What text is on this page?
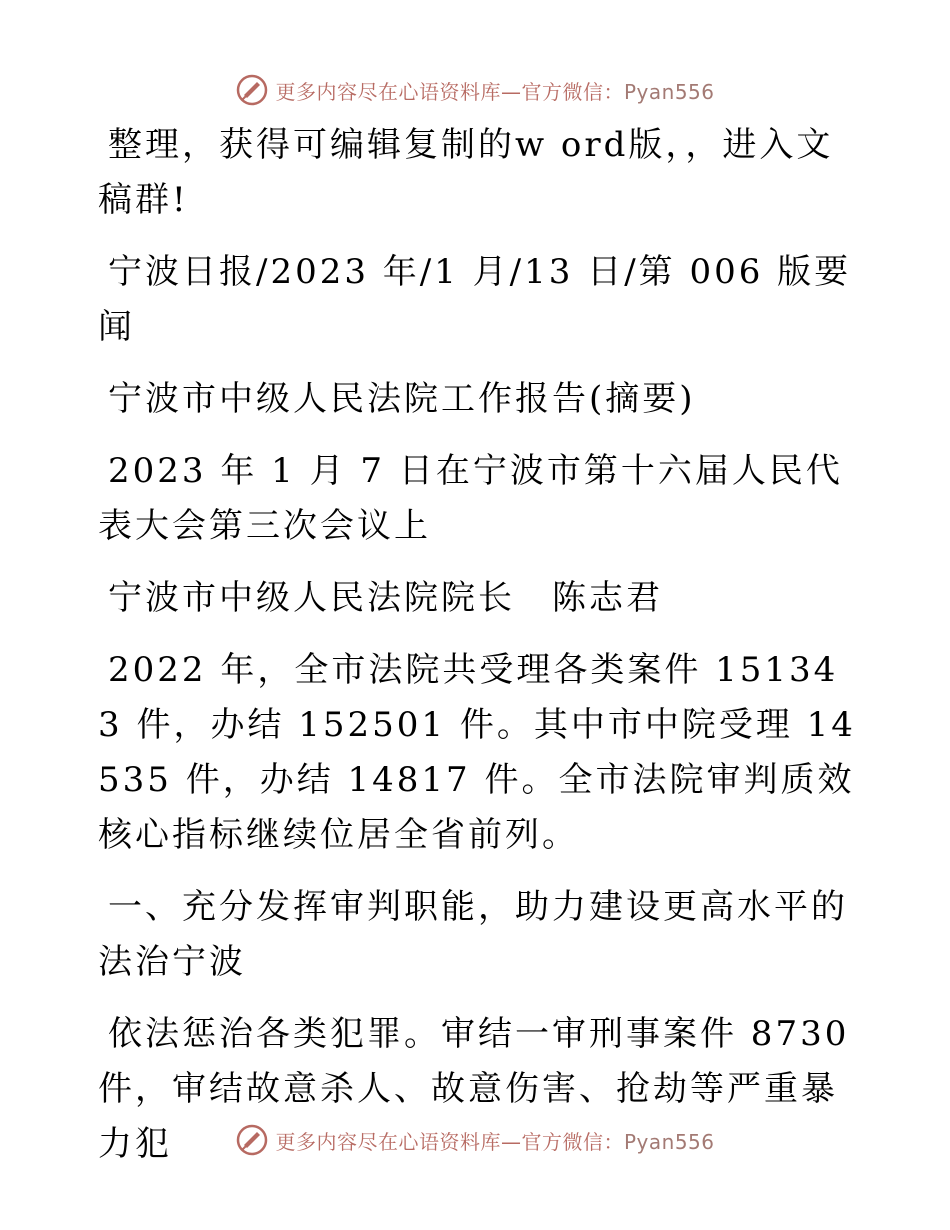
更多内容尽在心语资料库—官方微信：Pyan556

整理，获得可编辑复制的w ord版，，进入文稿群!

宁波日报/2023 年/1 月/13 日/第 006 版要闻

宁波市中级人民法院工作报告(摘要)

2023 年 1 月 7 日在宁波市第十六届人民代表大会第三次会议上

宁波市中级人民法院院长　陈志君

2022 年，全市法院共受理各类案件 151343 件，办结 152501 件。其中市中院受理 14535 件，办结 14817 件。全市法院审判质效核心指标继续位居全省前列。

一、充分发挥审判职能，助力建设更高水平的法治宁波

依法惩治各类犯罪。审结一审刑事案件 8730 件，审结故意杀人、故意伤害、抢劫等严重暴力犯	更多内容尽在心语资料库—官方微信：Pyan556
